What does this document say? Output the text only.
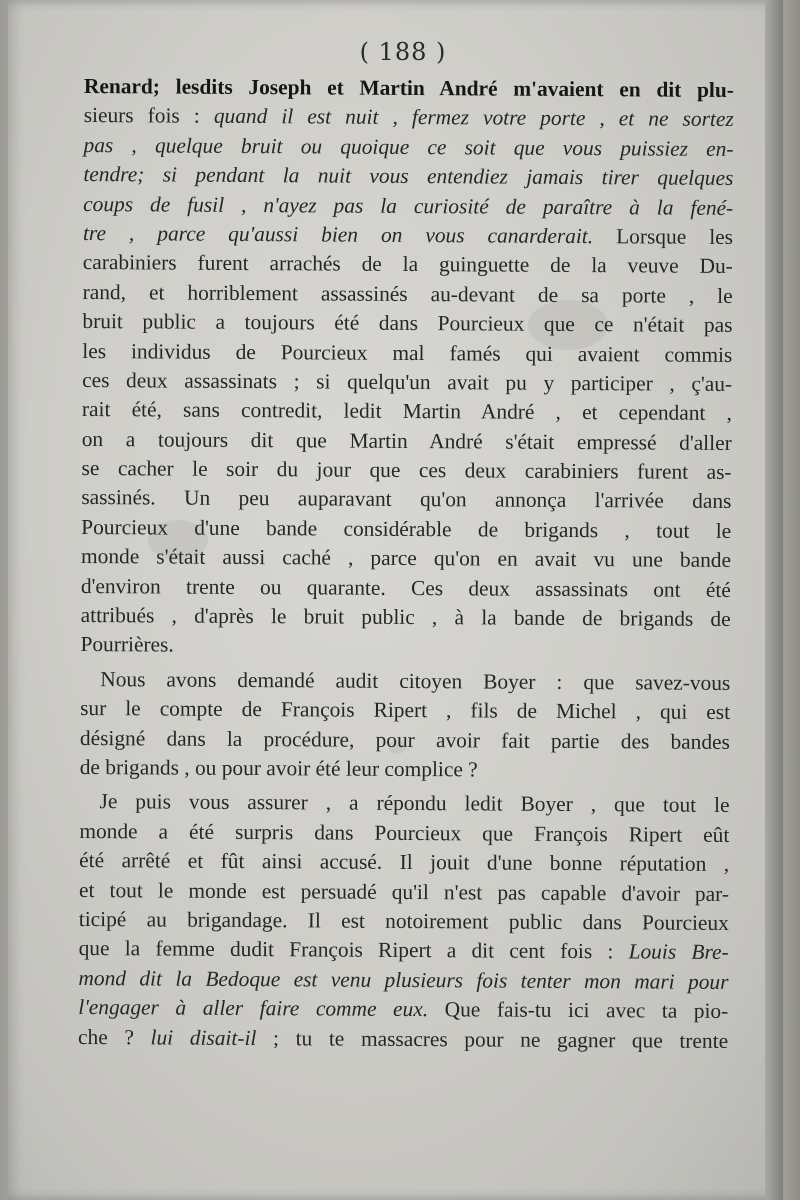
( 188 )
Renard; lesdits Joseph et Martin André m'avaient en dit plu-
sieurs fois : quand il est nuit , fermez votre porte , et ne sortez
pas , quelque bruit ou quoique ce soit que vous puissiez en-
tendre; si pendant la nuit vous entendiez jamais tirer quelques
coups de fusil , n'ayez pas la curiosité de paraître à la fené-
tre , parce qu'aussi bien on vous canarderait. Lorsque les
carabiniers furent arrachés de la guinguette de la veuve Du-
rand, et horriblement assassinés au-devant de sa porte , le
bruit public a toujours été dans Pourcieux que ce n'était pas
les individus de Pourcieux mal famés qui avaient commis
ces deux assassinats ; si quelqu'un avait pu y participer , ç'au-
rait été, sans contredit, ledit Martin André , et cependant ,
on a toujours dit que Martin André s'était empressé d'aller
se cacher le soir du jour que ces deux carabiniers furent as-
sassinés. Un peu auparavant qu'on annonça l'arrivée dans
Pourcieux d'une bande considérable de brigands , tout le
monde s'était aussi caché , parce qu'on en avait vu une bande
d'environ trente ou quarante. Ces deux assassinats ont été
attribués , d'après le bruit public , à la bande de brigands de
Pourrières.
Nous avons demandé audit citoyen Boyer : que savez-vous
sur le compte de François Ripert , fils de Michel , qui est
désigné dans la procédure, pour avoir fait partie des bandes
de brigands , ou pour avoir été leur complice ?
Je puis vous assurer , a répondu ledit Boyer , que tout le
monde a été surpris dans Pourcieux que François Ripert eût
été arrêté et fût ainsi accusé. Il jouit d'une bonne réputation ,
et tout le monde est persuadé qu'il n'est pas capable d'avoir par-
ticipé au brigandage. Il est notoirement public dans Pourcieux
que la femme dudit François Ripert a dit cent fois : Louis Bre-
mond dit la Bedoque est venu plusieurs fois tenter mon mari pour
l'engager à aller faire comme eux. Que fais-tu ici avec ta pio-
che ? lui disait-il ; tu te massacres pour ne gagner que trente
